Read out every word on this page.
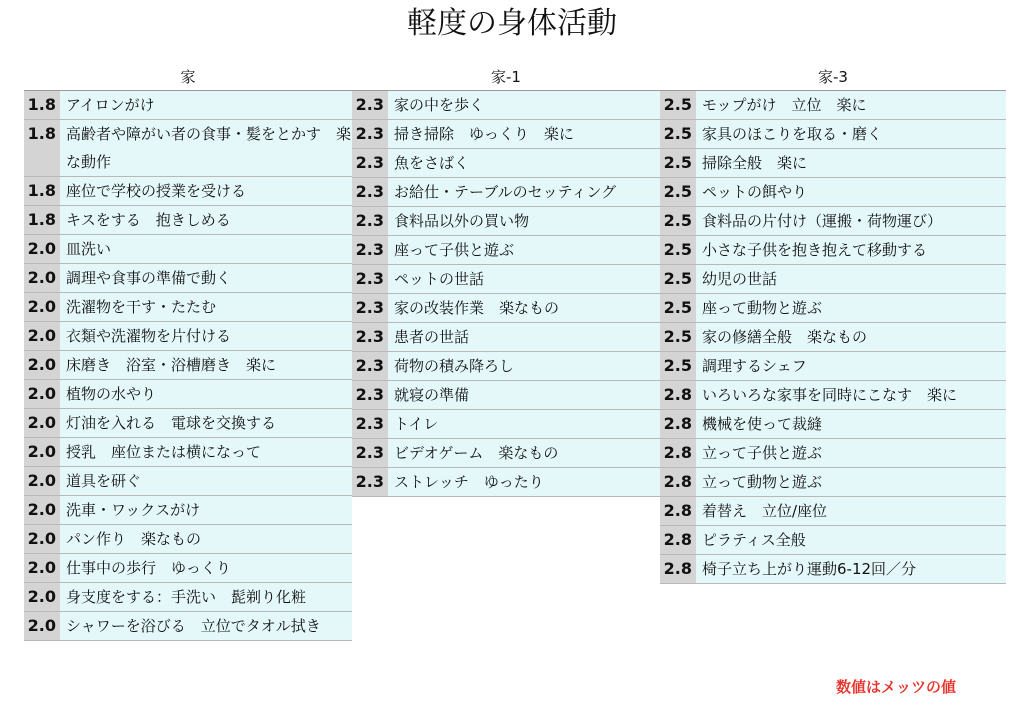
軽度の身体活動
家
1.8 アイロンがけ
1.8 高齢者や障がい者の食事・髪をとかす　楽な動作
1.8 座位で学校の授業を受ける
1.8 キスをする　抱きしめる
2.0 皿洗い
2.0 調理や食事の準備で動く
2.0 洗濯物を干す・たたむ
2.0 衣類や洗濯物を片付ける
2.0 床磨き　浴室・浴槽磨き　楽に
2.0 植物の水やり
2.0 灯油を入れる　電球を交換する
2.0 授乳　座位または横になって
2.0 道具を研ぐ
2.0 洗車・ワックスがけ
2.0 パン作り　楽なもの
2.0 仕事中の歩行　ゆっくり
2.0 身支度をする：手洗い　髭剃り化粧
2.0 シャワーを浴びる　立位でタオル拭き
家-1
2.3 家の中を歩く
2.3 掃き掃除　ゆっくり　楽に
2.3 魚をさばく
2.3 お給仕・テーブルのセッティング
2.3 食料品以外の買い物
2.3 座って子供と遊ぶ
2.3 ペットの世話
2.3 家の改装作業　楽なもの
2.3 患者の世話
2.3 荷物の積み降ろし
2.3 就寝の準備
2.3 トイレ
2.3 ビデオゲーム　楽なもの
2.3 ストレッチ　ゆったり
家-3
2.5 モップがけ　立位　楽に
2.5 家具のほこりを取る・磨く
2.5 掃除全般　楽に
2.5 ペットの餌やり
2.5 食料品の片付け（運搬・荷物運び）
2.5 小さな子供を抱き抱えて移動する
2.5 幼児の世話
2.5 座って動物と遊ぶ
2.5 家の修繕全般　楽なもの
2.5 調理するシェフ
2.8 いろいろな家事を同時にこなす　楽に
2.8 機械を使って裁縫
2.8 立って子供と遊ぶ
2.8 立って動物と遊ぶ
2.8 着替え　立位/座位
2.8 ピラティス全般
2.8 椅子立ち上がり運動6-12回／分
数値はメッツの値
